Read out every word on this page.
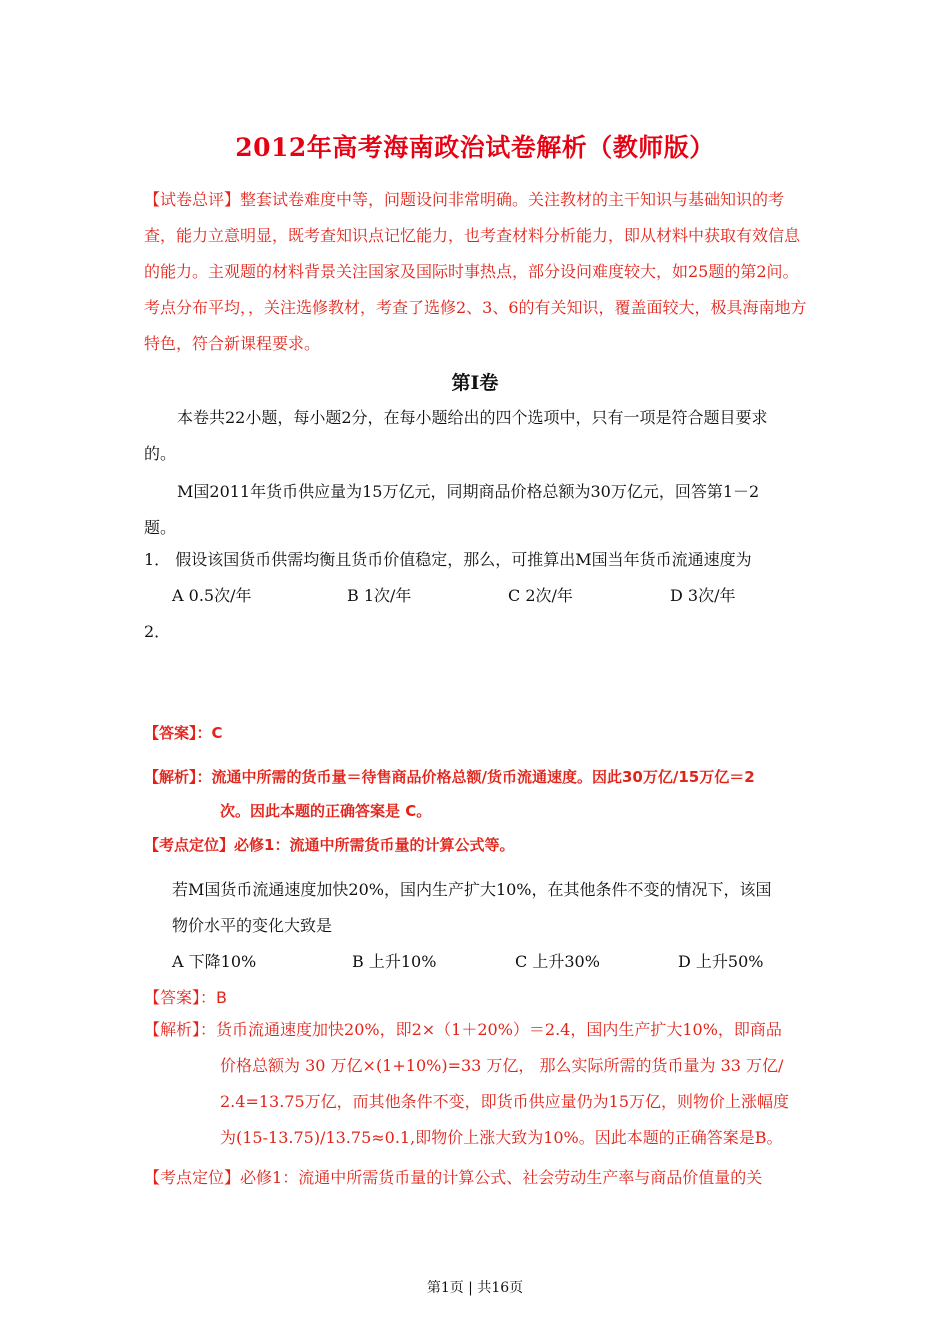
2012年高考海南政治试卷解析（教师版）
【试卷总评】整套试卷难度中等，问题设问非常明确。关注教材的主干知识与基础知识的考查，能力立意明显，既考查知识点记忆能力，也考查材料分析能力，即从材料中获取有效信息的能力。主观题的材料背景关注国家及国际时事热点，部分设问难度较大，如25题的第2问。考点分布平均，，关注选修教材，考查了选修2、3、6的有关知识，覆盖面较大，极具海南地方特色，符合新课程要求。
第I卷
本卷共22小题，每小题2分，在每小题给出的四个选项中，只有一项是符合题目要求
的。
M国2011年货币供应量为15万亿元，同期商品价格总额为30万亿元，回答第1－2
题。
1． 假设该国货币供需均衡且货币价值稳定，那么，可推算出M国当年货币流通速度为
A 0.5次/年	B 1次/年	C 2次/年	D 3次/年
2．
【答案】：C
【解析】：流通中所需的货币量＝待售商品价格总额/货币流通速度。因此30万亿/15万亿＝2
次。因此本题的正确答案是 C。
【考点定位】必修1：流通中所需货币量的计算公式等。
若M国货币流通速度加快20%，国内生产扩大10%，在其他条件不变的情况下，该国
物价水平的变化大致是
A 下降10%	B 上升10%	C 上升30%	D 上升50%
【答案】：B
【解析】：货币流通速度加快20%，即2×（1＋20%）＝2.4，国内生产扩大10%，即商品
价格总额为 30 万亿×(1+10%)=33 万亿， 那么实际所需的货币量为 33 万亿/
2.4=13.75万亿，而其他条件不变，即货币供应量仍为15万亿，则物价上涨幅度
为(15-13.75)/13.75≈0.1,即物价上涨大致为10%。因此本题的正确答案是B。
【考点定位】必修1：流通中所需货币量的计算公式、社会劳动生产率与商品价值量的关
第1页 | 共16页
